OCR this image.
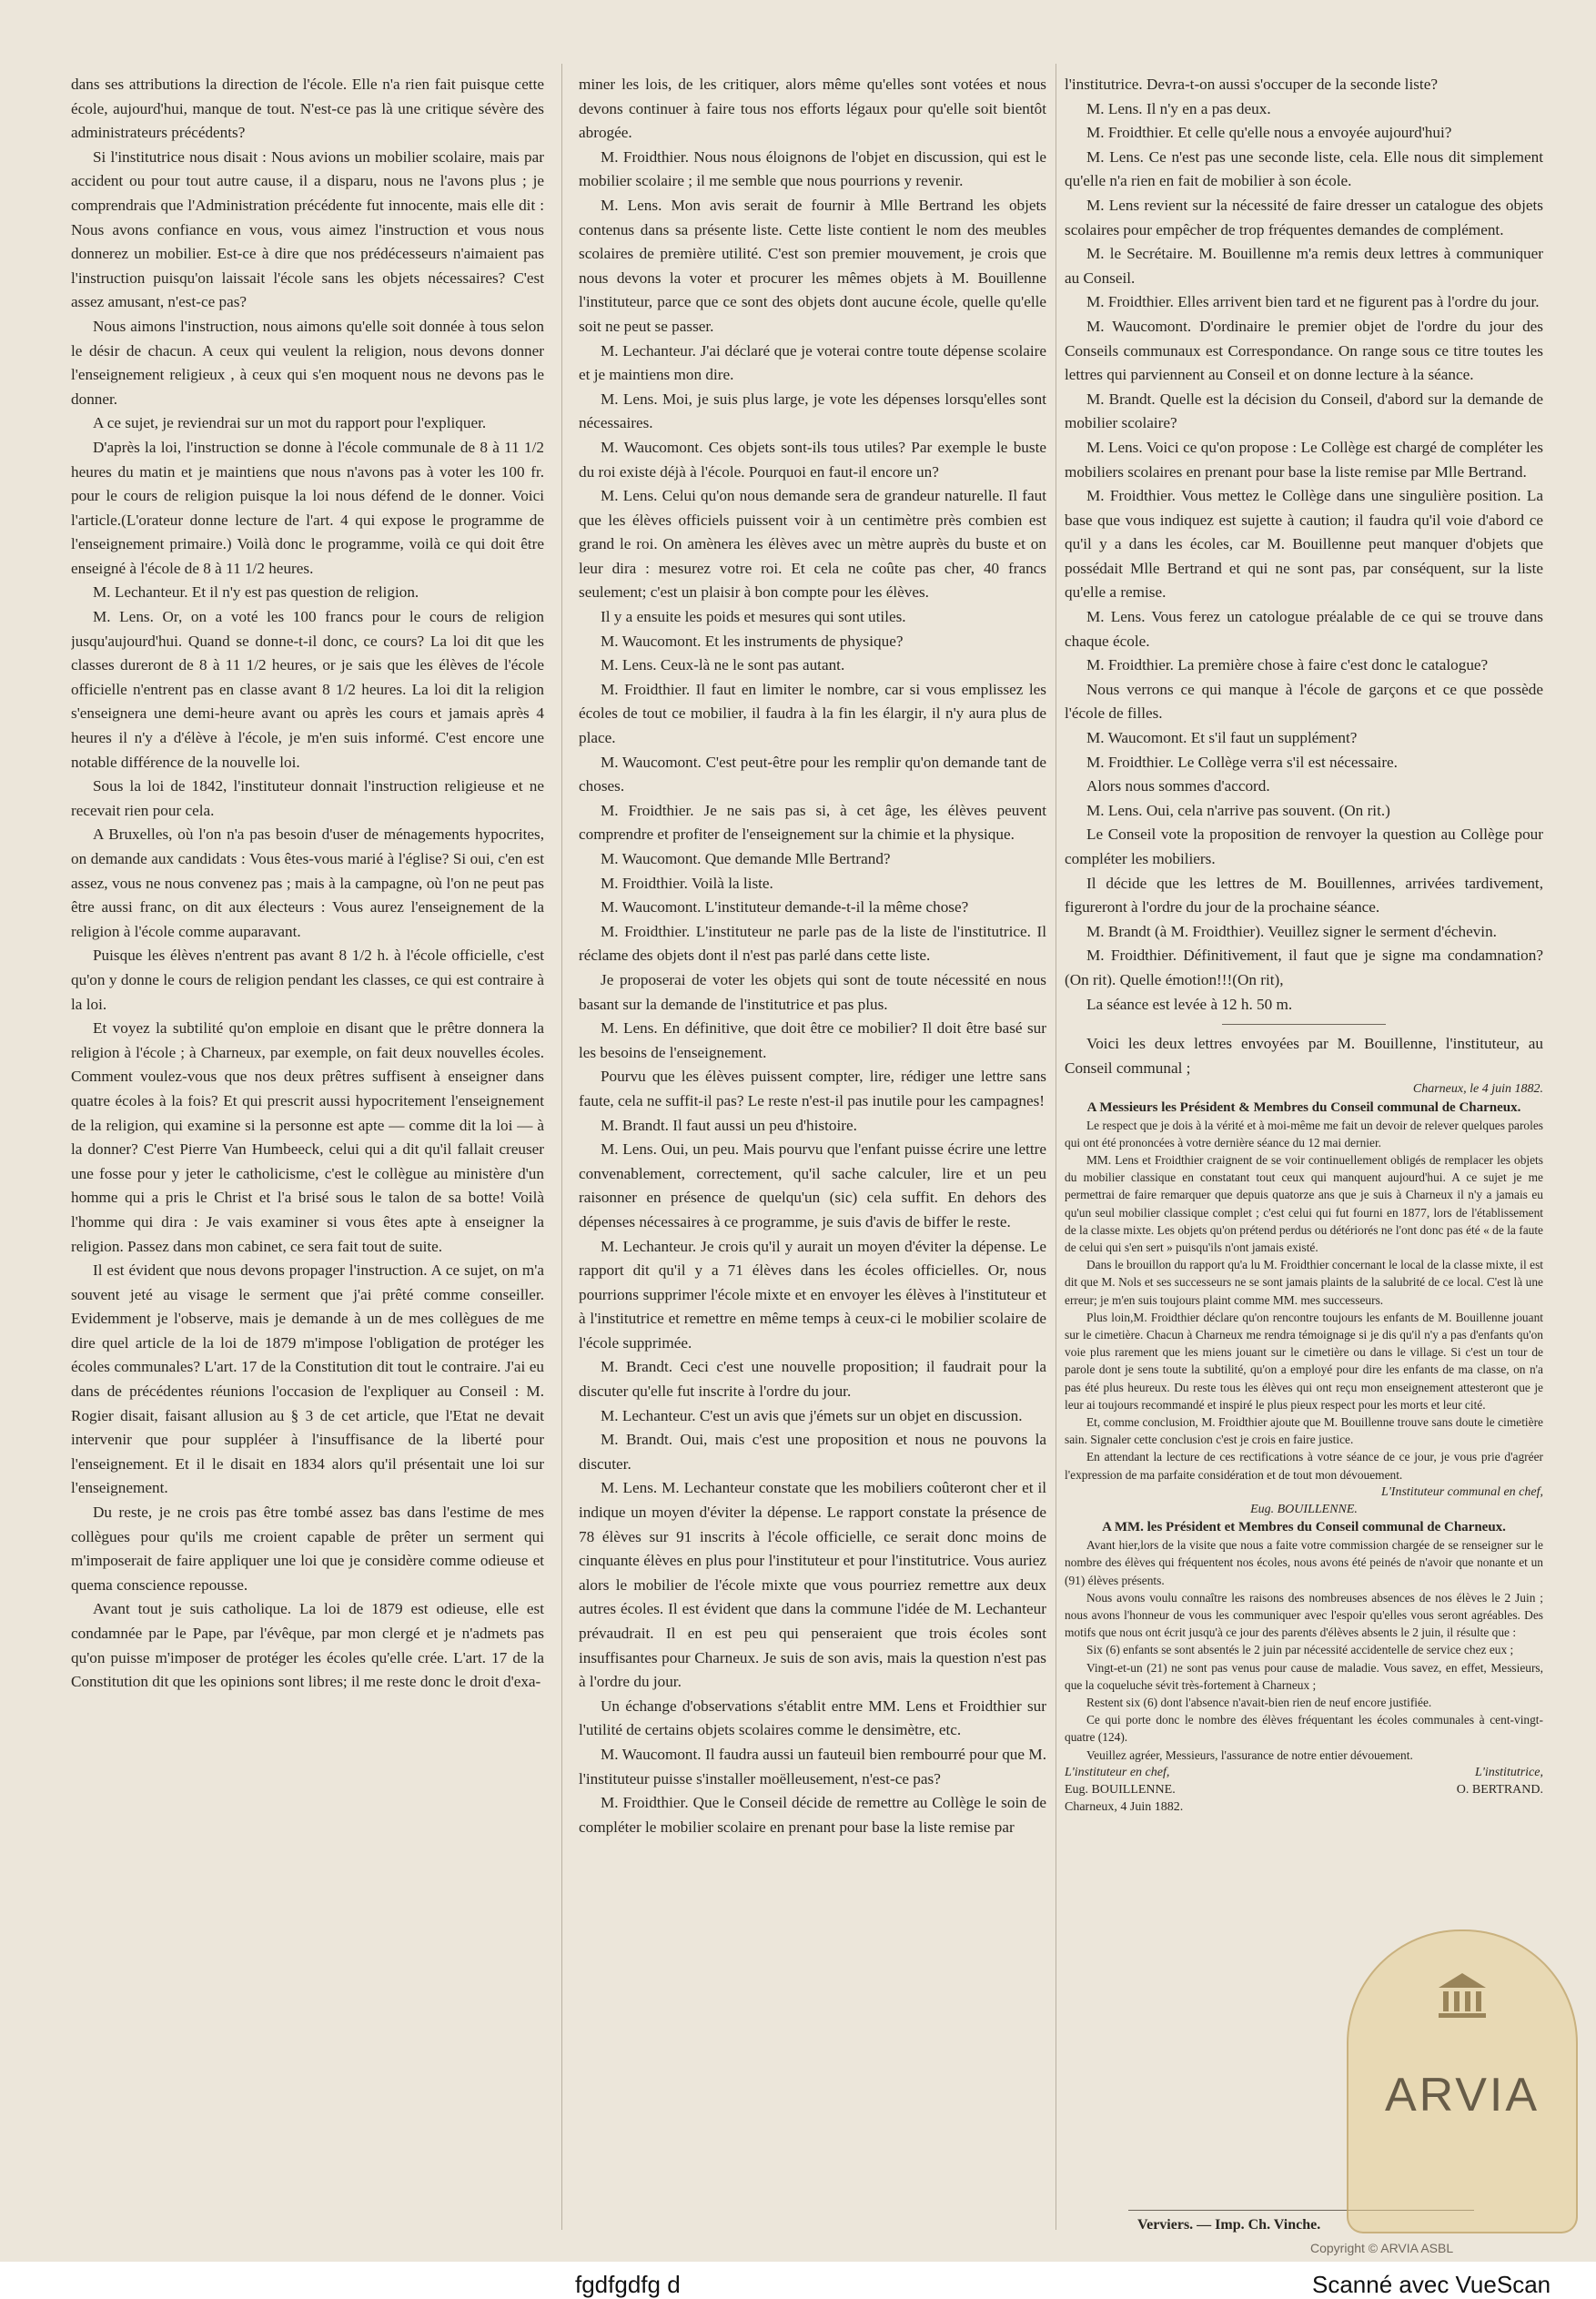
dans ses attributions la direction de l'école. Elle n'a rien fait puisque cette école, aujourd'hui, manque de tout. N'est-ce pas là une critique sévère des administrateurs précédents?

Si l'institutrice nous disait : Nous avions un mobilier scolaire, mais par accident ou pour tout autre cause, il a disparu, nous ne l'avons plus ; je comprendrais que l'Administration précédente fut innocente, mais elle dit : Nous avons confiance en vous, vous aimez l'instruction et vous nous donnerez un mobilier. Est-ce à dire que nos prédécesseurs n'aimaient pas l'instruction puisqu'on laissait l'école sans les objets nécessaires? C'est assez amusant, n'est-ce pas?

Nous aimons l'instruction, nous aimons qu'elle soit donnée à tous selon le désir de chacun. A ceux qui veulent la religion, nous devons donner l'enseignement religieux , à ceux qui s'en moquent nous ne devons pas le donner.

A ce sujet, je reviendrai sur un mot du rapport pour l'expliquer.

D'après la loi, l'instruction se donne à l'école communale de 8 à 11 1/2 heures du matin et je maintiens que nous n'avons pas à voter les 100 fr. pour le cours de religion puisque la loi nous défend de le donner. Voici l'article.(L'orateur donne lecture de l'art. 4 qui expose le programme de l'enseignement primaire.) Voilà donc le programme, voilà ce qui doit être enseigné à l'école de 8 à 11 1/2 heures.

M. Lechanteur. Et il n'y est pas question de religion.

M. Lens. Or, on a voté les 100 francs pour le cours de religion jusqu'aujourd'hui. Quand se donne-t-il donc, ce cours? La loi dit que les classes dureront de 8 à 11 1/2 heures, or je sais que les élèves de l'école officielle n'entrent pas en classe avant 8 1/2 heures. La loi dit la religion s'enseignera une demi-heure avant ou après les cours et jamais après 4 heures il n'y a d'élève à l'école, je m'en suis informé. C'est encore une notable différence de la nouvelle loi.

Sous la loi de 1842, l'instituteur donnait l'instruction religieuse et ne recevait rien pour cela.

A Bruxelles, où l'on n'a pas besoin d'user de ménagements hypocrites, on demande aux candidats : Vous êtes-vous marié à l'église? Si oui, c'en est assez, vous ne nous convenez pas ; mais à la campagne, où l'on ne peut pas être aussi franc, on dit aux électeurs : Vous aurez l'enseignement de la religion à l'école comme auparavant.

Puisque les élèves n'entrent pas avant 8 1/2 h. à l'école officielle, c'est qu'on y donne le cours de religion pendant les classes, ce qui est contraire à la loi.

Et voyez la subtilité qu'on emploie en disant que le prêtre donnera la religion à l'école ; à Charneux, par exemple, on fait deux nouvelles écoles. Comment voulez-vous que nos deux prêtres suffisent à enseigner dans quatre écoles à la fois? Et qui prescrit aussi hypocritement l'enseignement de la religion, qui examine si la personne est apte — comme dit la loi — à la donner? C'est Pierre Van Humbeeck, celui qui a dit qu'il fallait creuser une fosse pour y jeter le catholicisme, c'est le collègue au ministère d'un homme qui a pris le Christ et l'a brisé sous le talon de sa botte! Voilà l'homme qui dira : Je vais examiner si vous êtes apte à enseigner la religion. Passez dans mon cabinet, ce sera fait tout de suite.

Il est évident que nous devons propager l'instruction. A ce sujet, on m'a souvent jeté au visage le serment que j'ai prêté comme conseiller. Evidemment je l'observe, mais je demande à un de mes collègues de me dire quel article de la loi de 1879 m'impose l'obligation de protéger les écoles communales? L'art. 17 de la Constitution dit tout le contraire. J'ai eu dans de précédentes réunions l'occasion de l'expliquer au Conseil : M. Rogier disait, faisant allusion au § 3 de cet article, que l'Etat ne devait intervenir que pour suppléer à l'insuffisance de la liberté pour l'enseignement. Et il le disait en 1834 alors qu'il présentait une loi sur l'enseignement.

Du reste, je ne crois pas être tombé assez bas dans l'estime de mes collègues pour qu'ils me croient capable de prêter un serment qui m'imposerait de faire appliquer une loi que je considère comme odieuse et quema conscience repousse.

Avant tout je suis catholique. La loi de 1879 est odieuse, elle est condamnée par le Pape, par l'évêque, par mon clergé et je n'admets pas qu'on puisse m'imposer de protéger les écoles qu'elle crée. L'art. 17 de la Constitution dit que les opinions sont libres; il me reste donc le droit d'exa-

miner les lois, de les critiquer, alors même qu'elles sont votées et nous devons continuer à faire tous nos efforts légaux pour qu'elle soit bientôt abrogée.

M. Froidthier. Nous nous éloignons de l'objet en discussion, qui est le mobilier scolaire ; il me semble que nous pourrions y revenir.

M. Lens. Mon avis serait de fournir à Mlle Bertrand les objets contenus dans sa présente liste. Cette liste contient le nom des meubles scolaires de première utilité. C'est son premier mouvement, je crois que nous devons la voter et procurer les mêmes objets à M. Bouillenne l'instituteur, parce que ce sont des objets dont aucune école, quelle qu'elle soit ne peut se passer.

M. Lechanteur. J'ai déclaré que je voterai contre toute dépense scolaire et je maintiens mon dire.

M. Lens. Moi, je suis plus large, je vote les dépenses lorsqu'elles sont nécessaires.

M. Waucomont. Ces objets sont-ils tous utiles? Par exemple le buste du roi existe déjà à l'école. Pourquoi en faut-il encore un?

M. Lens. Celui qu'on nous demande sera de grandeur naturelle. Il faut que les élèves officiels puissent voir à un centimètre près combien est grand le roi. On amènera les élèves avec un mètre auprès du buste et on leur dira : mesurez votre roi. Et cela ne coûte pas cher, 40 francs seulement; c'est un plaisir à bon compte pour les élèves.

Il y a ensuite les poids et mesures qui sont utiles.

M. Waucomont. Et les instruments de physique?

M. Lens. Ceux-là ne le sont pas autant.

M. Froidthier. Il faut en limiter le nombre, car si vous emplissez les écoles de tout ce mobilier, il faudra à la fin les élargir, il n'y aura plus de place.

M. Waucomont. C'est peut-être pour les remplir qu'on demande tant de choses.

M. Froidthier. Je ne sais pas si, à cet âge, les élèves peuvent comprendre et profiter de l'enseignement sur la chimie et la physique.

M. Waucomont. Que demande Mlle Bertrand?

M. Froidthier. Voilà la liste.

M. Waucomont. L'instituteur demande-t-il la même chose?

M. Froidthier. L'instituteur ne parle pas de la liste de l'institutrice. Il réclame des objets dont il n'est pas parlé dans cette liste.

Je proposerai de voter les objets qui sont de toute nécessité en nous basant sur la demande de l'institutrice et pas plus.

M. Lens. En définitive, que doit être ce mobilier? Il doit être basé sur les besoins de l'enseignement.

Pourvu que les élèves puissent compter, lire, rédiger une lettre sans faute, cela ne suffit-il pas? Le reste n'est-il pas inutile pour les campagnes!

M. Brandt. Il faut aussi un peu d'histoire.

M. Lens. Oui, un peu. Mais pourvu que l'enfant puisse écrire une lettre convenablement, correctement, qu'il sache calculer, lire et un peu raisonner en présence de quelqu'un (sic) cela suffit. En dehors des dépenses nécessaires à ce programme, je suis d'avis de biffer le reste.

M. Lechanteur. Je crois qu'il y aurait un moyen d'éviter la dépense. Le rapport dit qu'il y a 71 élèves dans les écoles officielles. Or, nous pourrions supprimer l'école mixte et en envoyer les élèves à l'instituteur et à l'institutrice et remettre en même temps à ceux-ci le mobilier scolaire de l'école supprimée.

M. Brandt. Ceci c'est une nouvelle proposition; il faudrait pour la discuter qu'elle fut inscrite à l'ordre du jour.

M. Lechanteur. C'est un avis que j'émets sur un objet en discussion.

M. Brandt. Oui, mais c'est une proposition et nous ne pouvons la discuter.

M. Lens. M. Lechanteur constate que les mobiliers coûteront cher et il indique un moyen d'éviter la dépense. Le rapport constate la présence de 78 élèves sur 91 inscrits à l'école officielle, ce serait donc moins de cinquante élèves en plus pour l'instituteur et pour l'institutrice. Vous auriez alors le mobilier de l'école mixte que vous pourriez remettre aux deux autres écoles. Il est évident que dans la commune l'idée de M. Lechanteur prévaudrait. Il en est peu qui penseraient que trois écoles sont insuffisantes pour Charneux. Je suis de son avis, mais la question n'est pas à l'ordre du jour.

Un échange d'observations s'établit entre MM. Lens et Froidthier sur l'utilité de certains objets scolaires comme le densimètre, etc.

M. Waucomont. Il faudra aussi un fauteuil bien rembourré pour que M. l'instituteur puisse s'installer moëlleusement, n'est-ce pas?

M. Froidthier. Que le Conseil décide de remettre au Collège le soin de compléter le mobilier scolaire en prenant pour base la liste remise par

l'institutrice. Devra-t-on aussi s'occuper de la seconde liste?

M. Lens. Il n'y en a pas deux.

M. Froidthier. Et celle qu'elle nous a envoyée aujourd'hui?

M. Lens. Ce n'est pas une seconde liste, cela. Elle nous dit simplement qu'elle n'a rien en fait de mobilier à son école.

M. Lens revient sur la nécessité de faire dresser un catalogue des objets scolaires pour empêcher de trop fréquentes demandes de complément.

M. le Secrétaire. M. Bouillenne m'a remis deux lettres à communiquer au Conseil.

M. Froidthier. Elles arrivent bien tard et ne figurent pas à l'ordre du jour.

M. Waucomont. D'ordinaire le premier objet de l'ordre du jour des Conseils communaux est Correspondance. On range sous ce titre toutes les lettres qui parviennent au Conseil et on donne lecture à la séance.

M. Brandt. Quelle est la décision du Conseil, d'abord sur la demande de mobilier scolaire?

M. Lens. Voici ce qu'on propose : Le Collège est chargé de compléter les mobiliers scolaires en prenant pour base la liste remise par Mlle Bertrand.

M. Froidthier. Vous mettez le Collège dans une singulière position. La base que vous indiquez est sujette à caution; il faudra qu'il voie d'abord ce qu'il y a dans les écoles, car M. Bouillenne peut manquer d'objets que possédait Mlle Bertrand et qui ne sont pas, par conséquent, sur la liste qu'elle a remise.

M. Lens. Vous ferez un catologue préalable de ce qui se trouve dans chaque école.

M. Froidthier. La première chose à faire c'est donc le catalogue?

Nous verrons ce qui manque à l'école de garçons et ce que possède l'école de filles.

M. Waucomont. Et s'il faut un supplément?

M. Froidthier. Le Collège verra s'il est nécessaire.

Alors nous sommes d'accord.

M. Lens. Oui, cela n'arrive pas souvent. (On rit.)

Le Conseil vote la proposition de renvoyer la question au Collège pour compléter les mobiliers.

Il décide que les lettres de M. Bouillennes, arrivées tardivement, figureront à l'ordre du jour de la prochaine séance.

M. Brandt (à M. Froidthier). Veuillez signer le serment d'échevin.

M. Froidthier. Définitivement, il faut que je signe ma condamnation? (On rit). Quelle émotion!!!(On rit),

La séance est levée à 12 h. 50 m.

Voici les deux lettres envoyées par M. Bouillenne, l'instituteur, au Conseil communal ;

Charneux, le 4 juin 1882.

A Messieurs les Président & Membres du Conseil communal de Charneux.

Le respect que je dois à la vérité et à moi-même me fait un devoir de relever quelques paroles qui ont été prononcées à votre dernière séance du 12 mai dernier.

MM. Lens et Froidthier craignent de se voir continuellement obligés de remplacer les objets du mobilier classique en constatant tout ceux qui manquent aujourd'hui. A ce sujet je me permettrai de faire remarquer que depuis quatorze ans que je suis à Charneux il n'y a jamais eu qu'un seul mobilier classique complet ; c'est celui qui fut fourni en 1877, lors de l'établissement de la classe mixte. Les objets qu'on prétend perdus ou détériorés ne l'ont donc pas été « de la faute de celui qui s'en sert » puisqu'ils n'ont jamais existé.

Dans le brouillon du rapport qu'a lu M. Froidthier concernant le local de la classe mixte, il est dit que M. Nols et ses successeurs ne se sont jamais plaints de la salubrité de ce local. C'est là une erreur; je m'en suis toujours plaint comme MM. mes successeurs.

Plus loin,M. Froidthier déclare qu'on rencontre toujours les enfants de M. Bouillenne jouant sur le cimetière. Chacun à Charneux me rendra témoignage si je dis qu'il n'y a pas d'enfants qu'on voie plus rarement que les miens jouant sur le cimetière ou dans le village. Si c'est un tour de parole dont je sens toute la subtilité, qu'on a employé pour dire les enfants de ma classe, on n'a pas été plus heureux. Du reste tous les élèves qui ont reçu mon enseignement attesteront que je leur ai toujours recommandé et inspiré le plus pieux respect pour les morts et leur cité.

Et, comme conclusion, M. Froidthier ajoute que M. Bouillenne trouve sans doute le cimetière sain. Signaler cette conclusion c'est je crois en faire justice.

En attendant la lecture de ces rectifications à votre séance de ce jour, je vous prie d'agréer l'expression de ma parfaite considération et de tout mon dévouement.

L'Instituteur communal en chef,

Eug. BOUILLENNE.

A MM. les Président et Membres du Conseil communal de Charneux.

Avant hier,lors de la visite que nous a faite votre commission chargée de se renseigner sur le nombre des élèves qui fréquentent nos écoles, nous avons été peinés de n'avoir que nonante et un (91) élèves présents.

Nous avons voulu connaître les raisons des nombreuses absences de nos élèves le 2 Juin ; nous avons l'honneur de vous les communiquer avec l'espoir qu'elles vous seront agréables. Des motifs que nous ont écrit jusqu'à ce jour des parents d'élèves absents le 2 juin, il résulte que :

Six (6) enfants se sont absentés le 2 juin par nécessité accidentelle de service chez eux ;

Vingt-et-un (21) ne sont pas venus pour cause de maladie. Vous savez, en effet, Messieurs, que la coqueluche sévit très-fortement à Charneux ;

Restent six (6) dont l'absence n'avait-bien rien de neuf encore justifiée.

Ce qui porte donc le nombre des élèves fréquentant les écoles communales à cent-vingt-quatre (124).

Veuillez agréer, Messieurs, l'assurance de notre entier dévouement.

L'instituteur en chef,	L'institutrice,
Eug. BOUILLENNE.	O. BERTRAND.
Charneux, 4 Juin 1882.
Verviers. — Imp. Ch. Vinche.
ARVIA
Copyright © ARVIA ASBL
fgdfgdfg d	Scanné avec VueScan
